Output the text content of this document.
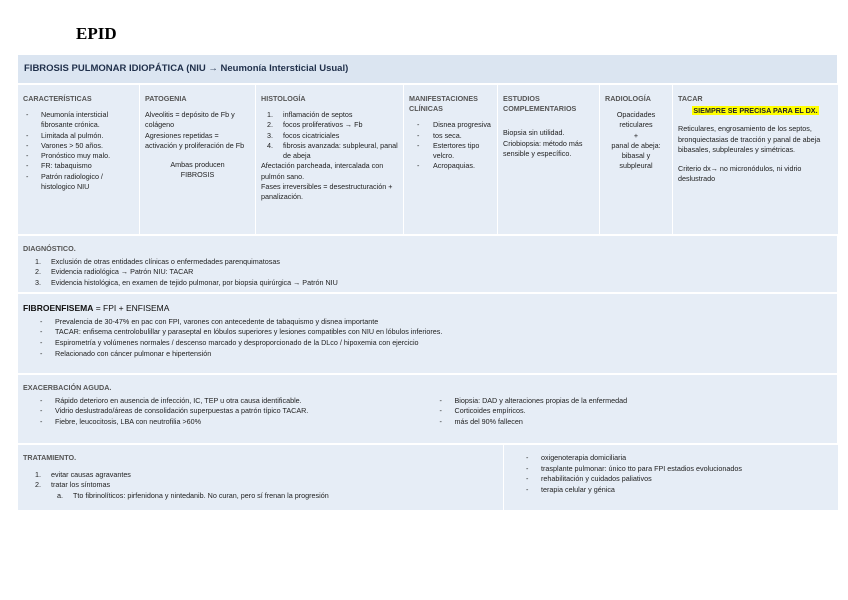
EPID
FIBROSIS PULMONAR IDIOPÁTICA (NIU → Neumonía Intersticial Usual)
CARACTERÍSTICAS
- Neumonía intersticial fibrosante crónica.
- Limitada al pulmón.
- Varones > 50 años.
- Pronóstico muy malo.
- FR: tabaquismo
- Patrón radiologico / histologico NIU

PATOGENIA
Alveolitis = depósito de Fb y colágeno
Agresiones repetidas = activación y proliferación de Fb
Ambas producen
FIBROSIS

HISTOLOGÍA
1. inflamación de septos
2. focos proliferativos → Fb
3. focos cicatriciales
4. fibrosis avanzada: subpleural, panal de abeja
Afectación parcheada, intercalada con pulmón sano.
Fases irreversibles = desestructuración + panalización.

MANIFESTACIONES CLÍNICAS
- Disnea progresiva
- tos seca.
- Estertores tipo velcro.
- Acropaquias.

ESTUDIOS COMPLEMENTARIOS
Biopsia sin utilidad.
Criobiopsia: método más sensible y específico.

RADIOLOGÍA
Opacidades reticulares
+
panal de abeja: bibasal y subpleural

TACAR
SIEMPRE SE PRECISA PARA EL DX.
Reticulares, engrosamiento de los septos, bronquiectasias de tracción y panal de abeja bibasales, subpleurales y simétricas.
Criterio dx→ no micronódulos, ni vidrio deslustrado
DIAGNÓSTICO.
1. Exclusión de otras entidades clínicas o enfermedades parenquimatosas
2. Evidencia radiológica → Patrón NIU: TACAR
3. Evidencia histológica, en examen de tejido pulmonar, por biopsia quirúrgica → Patrón NIU
FIBROENFISEMA = FPI + ENFISEMA
- Prevalencia de 30-47% en pac con FPI, varones con antecedente de tabaquismo y disnea importante
- TACAR: enfisema centrolobulillar y paraseptal en lóbulos superiores y lesiones compatibles con NIU en lóbulos inferiores.
- Espirometría y volúmenes normales / descenso marcado y desproporcionado de la DLco / hipoxemia con ejercicio
- Relacionado con cáncer pulmonar e hipertensión
EXACERBACIÓN AGUDA.
- Rápido deterioro en ausencia de infección, IC, TEP u otra causa identificable.
- Vidrio deslustrado/áreas de consolidación superpuestas a patrón típico TACAR.
- Fiebre, leucocitosis, LBA con neutrofilia >60%
- Biopsia: DAD y alteraciones propias de la enfermedad
- Corticoides empíricos.
- más del 90% fallecen
TRATAMIENTO.
1. evitar causas agravantes
2. tratar los síntomas
a. Tto fibrinolíticos: pirfenidona y nintedanib. No curan, pero sí frenan la progresión

- oxigenoterapia domiciliaria
- trasplante pulmonar: único tto para FPI estadios evolucionados
- rehabilitación y cuidados paliativos
- terapia celular y génica
